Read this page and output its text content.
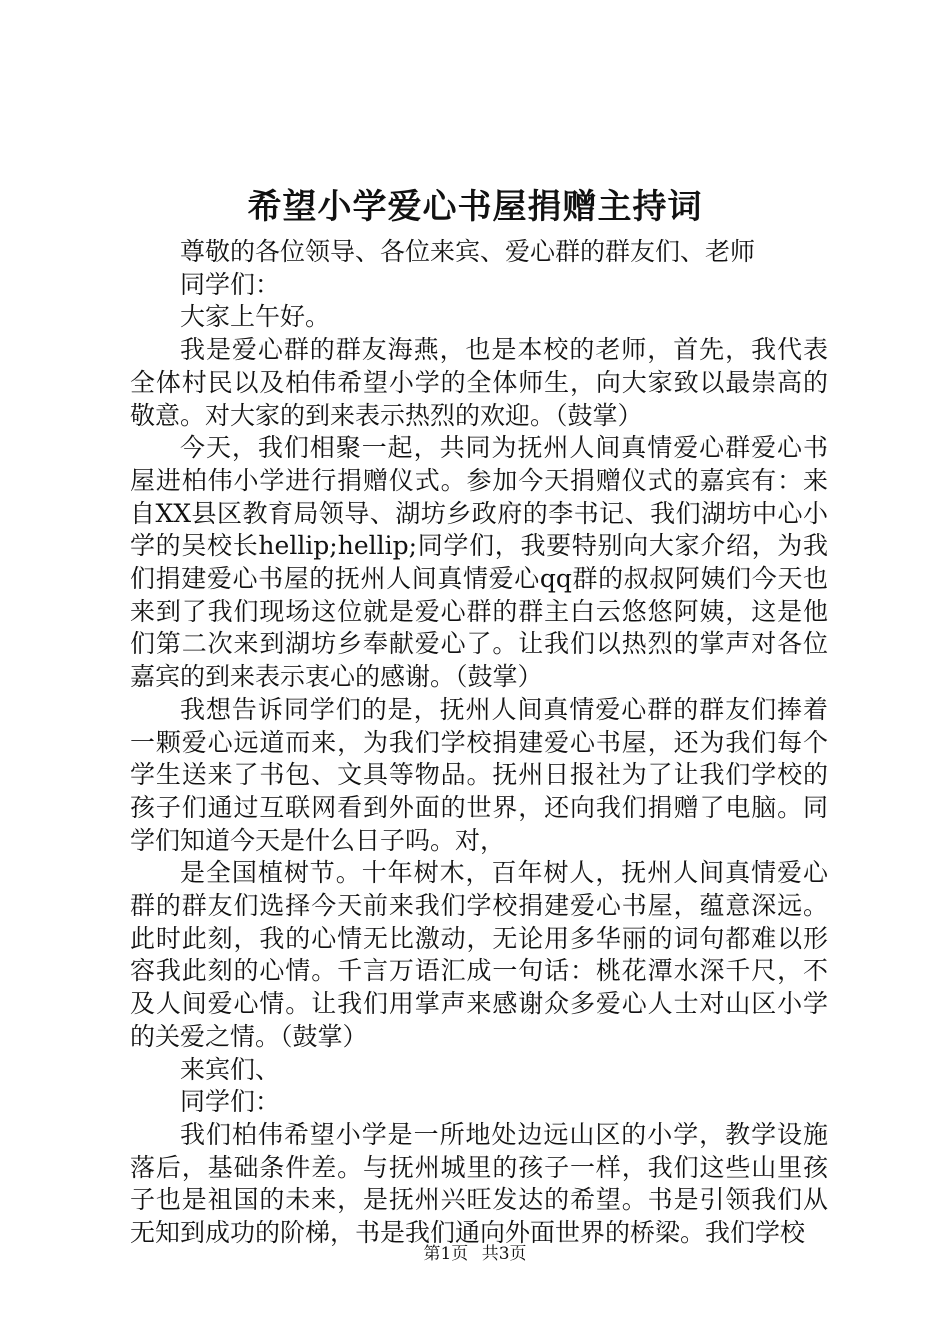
希望小学爱心书屋捐赠主持词

尊敬的各位领导、各位来宾、爱心群的群友们、老师

同学们：

大家上午好。

我是爱心群的群友海燕，也是本校的老师，首先，我代表全体村民以及柏伟希望小学的全体师生，向大家致以最崇高的敬意。对大家的到来表示热烈的欢迎。（鼓掌）

今天，我们相聚一起，共同为抚州人间真情爱心群爱心书屋进柏伟小学进行捐赠仪式。参加今天捐赠仪式的嘉宾有：来自XX县区教育局领导、湖坊乡政府的李书记、我们湖坊中心小学的吴校长hellip;hellip;同学们，我要特别向大家介绍，为我们捐建爱心书屋的抚州人间真情爱心qq群的叔叔阿姨们今天也来到了我们现场这位就是爱心群的群主白云悠悠阿姨，这是他们第二次来到湖坊乡奉献爱心了。让我们以热烈的掌声对各位嘉宾的到来表示衷心的感谢。（鼓掌）

我想告诉同学们的是，抚州人间真情爱心群的群友们捧着一颗爱心远道而来，为我们学校捐建爱心书屋，还为我们每个学生送来了书包、文具等物品。抚州日报社为了让我们学校的孩子们通过互联网看到外面的世界，还向我们捐赠了电脑。同学们知道今天是什么日子吗。对，

是全国植树节。十年树木，百年树人，抚州人间真情爱心群的群友们选择今天前来我们学校捐建爱心书屋，蕴意深远。此时此刻，我的心情无比激动，无论用多华丽的词句都难以形容我此刻的心情。千言万语汇成一句话：桃花潭水深千尺，不及人间爱心情。让我们用掌声来感谢众多爱心人士对山区小学的关爱之情。（鼓掌）

来宾们、

同学们：

我们柏伟希望小学是一所地处边远山区的小学，教学设施落后，基础条件差。与抚州城里的孩子一样，我们这些山里孩子也是祖国的未来，是抚州兴旺发达的希望。书是引领我们从无知到成功的阶梯，书是我们通向外面世界的桥梁。我们学校

第1页 共3页
